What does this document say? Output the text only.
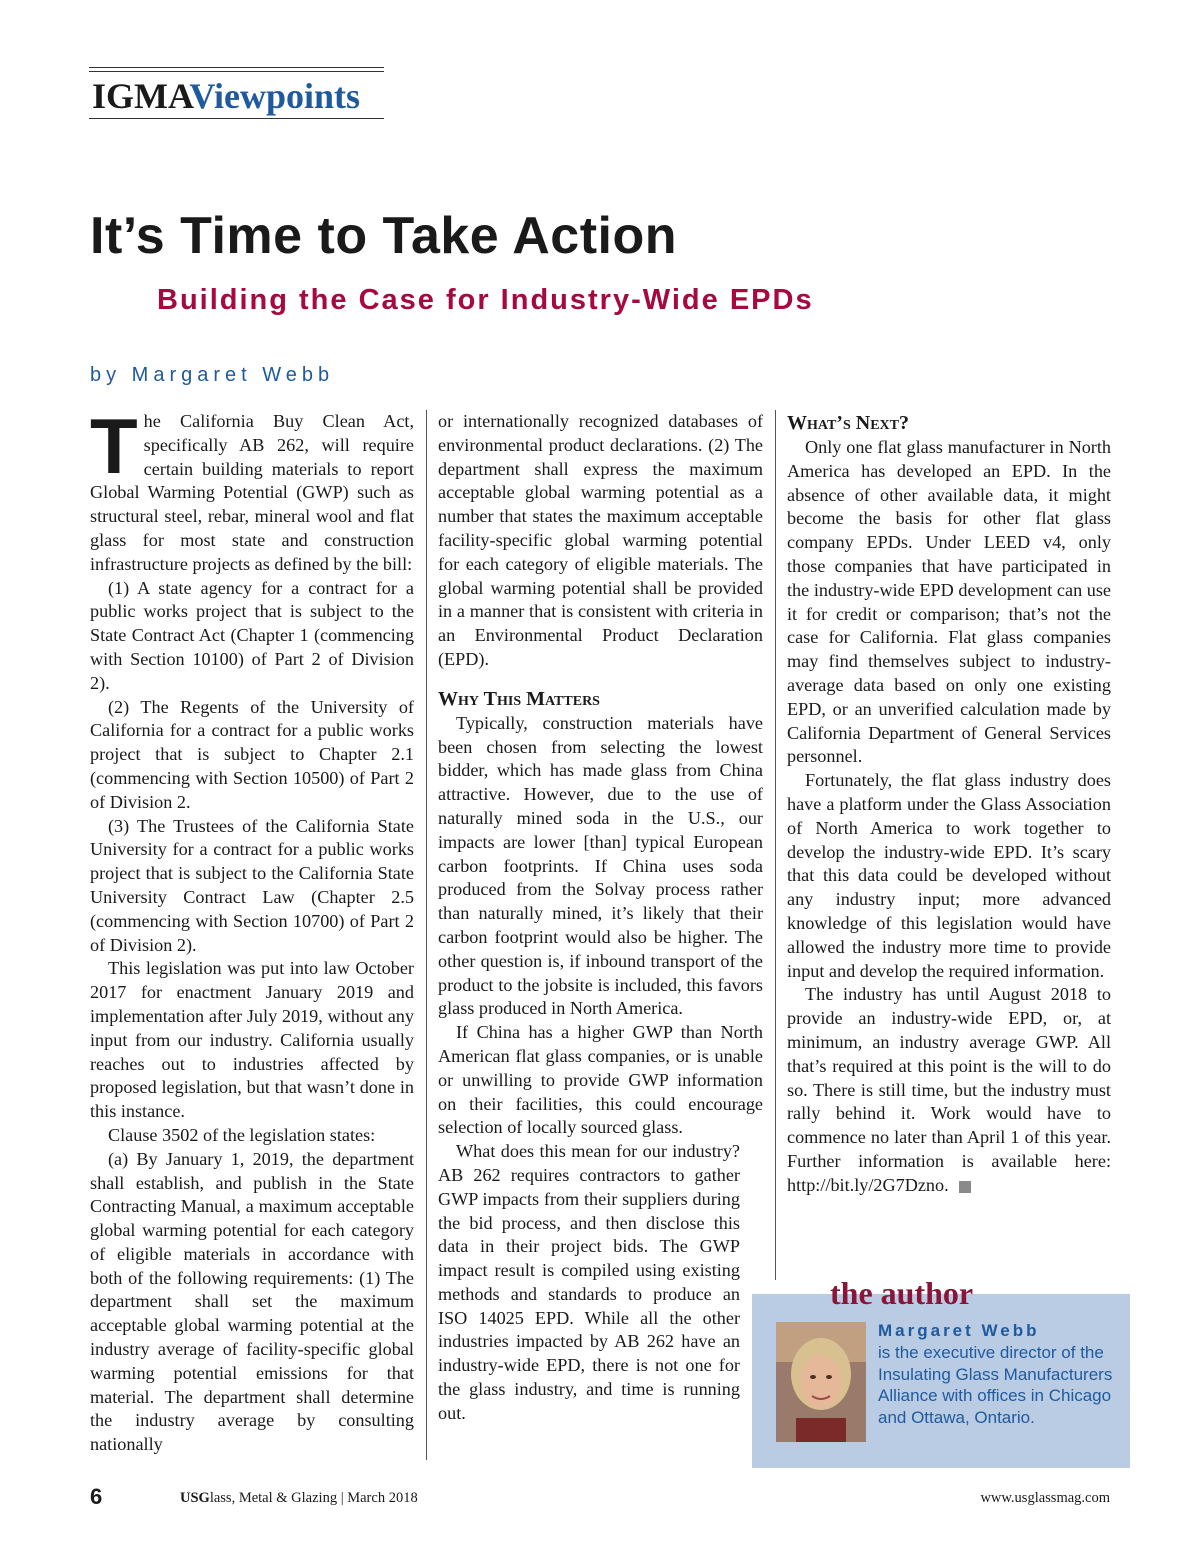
IGMAViewpoints
It’s Time to Take Action
Building the Case for Industry-Wide EPDs
by Margaret Webb

The California Buy Clean Act, specifically AB 262, will require certain building materials to report Global Warming Potential (GWP) such as structural steel, rebar, mineral wool and flat glass for most state and construction infrastructure projects as defined by the bill:

(1) A state agency for a contract for a public works project that is subject to the State Contract Act (Chapter 1 (commencing with Section 10100) of Part 2 of Division 2).

(2) The Regents of the University of California for a contract for a public works project that is subject to Chapter 2.1 (commencing with Section 10500) of Part 2 of Division 2.

(3) The Trustees of the California State University for a contract for a public works project that is subject to the California State University Contract Law (Chapter 2.5 (commencing with Section 10700) of Part 2 of Division 2).

This legislation was put into law October 2017 for enactment January 2019 and implementation after July 2019, without any input from our industry. California usually reaches out to industries affected by proposed legislation, but that wasn’t done in this instance.

Clause 3502 of the legislation states:

(a) By January 1, 2019, the department shall establish, and publish in the State Contracting Manual, a maximum acceptable global warming potential for each category of eligible materials in accordance with both of the following requirements: (1) The department shall set the maximum acceptable global warming potential at the industry average of facility-specific global warming potential emissions for that material. The department shall determine the industry average by consulting nationally

or internationally recognized databases of environmental product declarations. (2) The department shall express the maximum acceptable global warming potential as a number that states the maximum acceptable facility-specific global warming potential for each category of eligible materials. The global warming potential shall be provided in a manner that is consistent with criteria in an Environmental Product Declaration (EPD).

Why This Matters

Typically, construction materials have been chosen from selecting the lowest bidder, which has made glass from China attractive. However, due to the use of naturally mined soda in the U.S., our impacts are lower [than] typical European carbon footprints. If China uses soda produced from the Solvay process rather than naturally mined, it’s likely that their carbon footprint would also be higher. The other question is, if inbound transport of the product to the jobsite is included, this favors glass produced in North America.

If China has a higher GWP than North American flat glass companies, or is unable or unwilling to provide GWP information on their facilities, this could encourage selection of locally sourced glass.

What does this mean for our industry? AB 262 requires contractors to gather GWP impacts from their suppliers during the bid process, and then disclose this data in their project bids. The GWP impact result is compiled using existing methods and standards to produce an ISO 14025 EPD. While all the other industries impacted by AB 262 have an industry-wide EPD, there is not one for the glass industry, and time is running out.

What’s Next?

Only one flat glass manufacturer in North America has developed an EPD. In the absence of other available data, it might become the basis for other flat glass company EPDs. Under LEED v4, only those companies that have participated in the industry-wide EPD development can use it for credit or comparison; that’s not the case for California. Flat glass companies may find themselves subject to industry-average data based on only one existing EPD, or an unverified calculation made by California Department of General Services personnel.

Fortunately, the flat glass industry does have a platform under the Glass Association of North America to work together to develop the industry-wide EPD. It’s scary that this data could be developed without any industry input; more advanced knowledge of this legislation would have allowed the industry more time to provide input and develop the required information.

The industry has until August 2018 to provide an industry-wide EPD, or, at minimum, an industry average GWP. All that’s required at this point is the will to do so. There is still time, but the industry must rally behind it. Work would have to commence no later than April 1 of this year. Further information is available here: http://bit.ly/2G7Dzno.

the author
Margaret Webb
is the executive director of the Insulating Glass Manufacturers Alliance with offices in Chicago and Ottawa, Ontario.
6	USGlass, Metal & Glazing | March 2018	www.usglassmag.com
